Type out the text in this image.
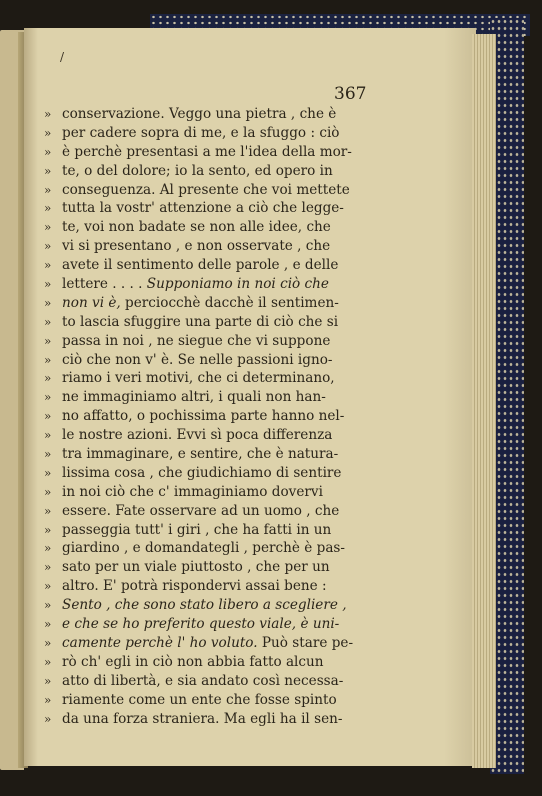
/
367
» conservazione. Veggo una pietra , che è
» per cadere sopra di me, e la sfuggo : ciò
» è perchè presentasi a me l'idea della mor-
» te, o del dolore; io la sento, ed opero in
» conseguenza. Al presente che voi mettete
» tutta la vostr' attenzione a ciò che legge-
» te, voi non badate se non alle idee, che
» vi si presentano , e non osservate , che
» avete il sentimento delle parole , e delle
» lettere . . . . Supponiamo in noi ciò che
» non vi è, perciocchè dacchè il sentimen-
» to lascia sfuggire una parte di ciò che si
» passa in noi , ne siegue che vi suppone
» ciò che non v' è. Se nelle passioni igno-
» riamo i veri motivi, che ci determinano,
» ne immaginiamo altri, i quali non han-
» no affatto, o pochissima parte hanno nel-
» le nostre azioni. Evvi sì poca differenza
» tra immaginare, e sentire, che è natura-
» lissima cosa , che giudichiamo di sentire
» in noi ciò che c' immaginiamo dovervi
» essere. Fate osservare ad un uomo , che
» passeggia tutt' i giri , che ha fatti in un
» giardino , e domandategli , perchè è pas-
» sato per un viale piuttosto , che per un
» altro. E' potrà rispondervi assai bene :
» Sento , che sono stato libero a scegliere ,
» e che se ho preferito questo viale, è uni-
» camente perchè l' ho voluto. Può stare pe-
» rò ch' egli in ciò non abbia fatto alcun
» atto di libertà, e sia andato così necessa-
» riamente come un ente che fosse spinto
» da una forza straniera. Ma egli ha il sen-
